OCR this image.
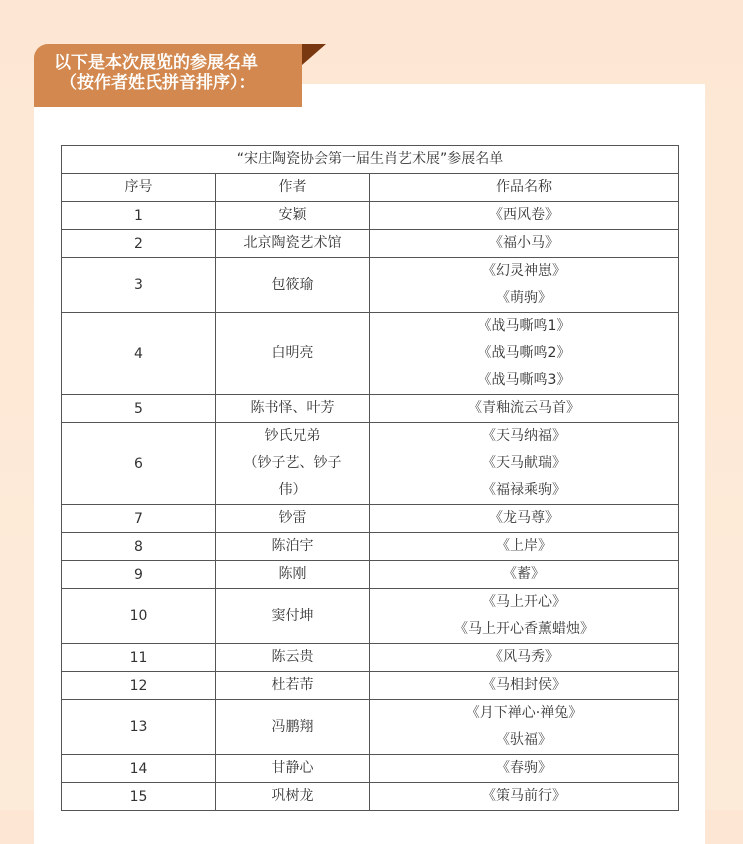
以下是本次展览的参展名单
（按作者姓氏拼音排序）：
“宋庄陶瓷协会第一届生肖艺术展”参展名单		
序号	作者	作品名称
1	安颖	《西风卷》

2	北京陶瓷艺术馆	《福小马》

3	包筱瑜	《幻灵神崽》
《萌驹》

4	白明亮	《战马嘶鸣1》
《战马嘶鸣2》
《战马嘶鸣3》

5	陈书怿、叶芳	《青釉流云马首》

6	钞氏兄弟
（钞子艺、钞子
伟）	《天马纳福》
《天马献瑞》
《福禄乘驹》

7	钞雷	《龙马尊》

8	陈泊宇	《上岸》

9	陈刚	《蓄》

10	窦付坤	《马上开心》
《马上开心香薰蜡烛》

11	陈云贵	《风马秀》

12	杜若芾	《马相封侯》

13	冯鹏翔	《月下禅心·禅兔》
《驮福》

14	甘静心	《春驹》

15	巩树龙	《策马前行》
